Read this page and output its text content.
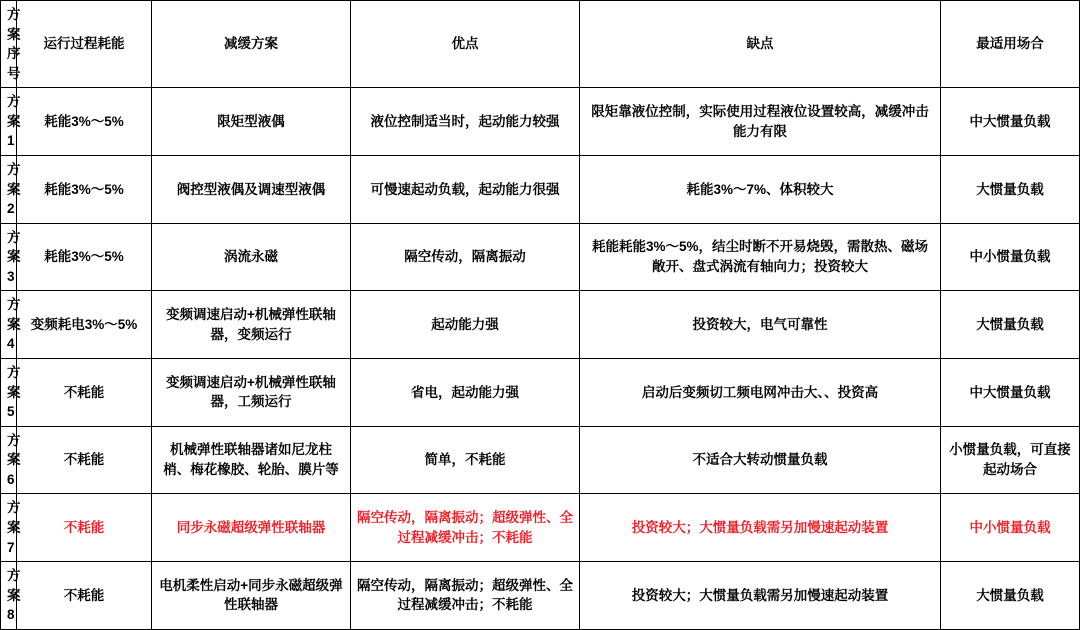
方案序号	运行过程耗能	减缓方案	优点	缺点	最适用场合
方案1	耗能3%～5%	限矩型液偶	液位控制适当时，起动能力较强	限矩靠液位控制，实际使用过程液位设置较高，减缓冲击能力有限	中大惯量负载
方案2	耗能3%～5%	阀控型液偶及调速型液偶	可慢速起动负载，起动能力很强	耗能3%～7%、体积较大	大惯量负载
方案3	耗能3%～5%	涡流永磁	隔空传动，隔离振动	耗能耗能3%～5%，结尘时断不开易烧毁，需散热、磁场敞开、盘式涡流有轴向力；投资较大	中小惯量负载
方案4	变频耗电3%～5%	变频调速启动+机械弹性联轴器，变频运行	起动能力强	投资较大，电气可靠性	大惯量负载
方案5	不耗能	变频调速启动+机械弹性联轴器，工频运行	省电，起动能力强	启动后变频切工频电网冲击大、、投资高	中大惯量负载
方案6	不耗能	机械弹性联轴器诸如尼龙柱梢、梅花橡胶、轮胎、膜片等	简单，不耗能	不适合大转动惯量负载	小惯量负载，可直接起动场合
方案7	不耗能	同步永磁超级弹性联轴器	隔空传动，隔离振动；超级弹性、全过程减缓冲击；不耗能	投资较大；大惯量负载需另加慢速起动装置	中小惯量负载
方案8	不耗能	电机柔性启动+同步永磁超级弹性联轴器	隔空传动，隔离振动；超级弹性、全过程减缓冲击；不耗能	投资较大；大惯量负载需另加慢速起动装置	大惯量负载
